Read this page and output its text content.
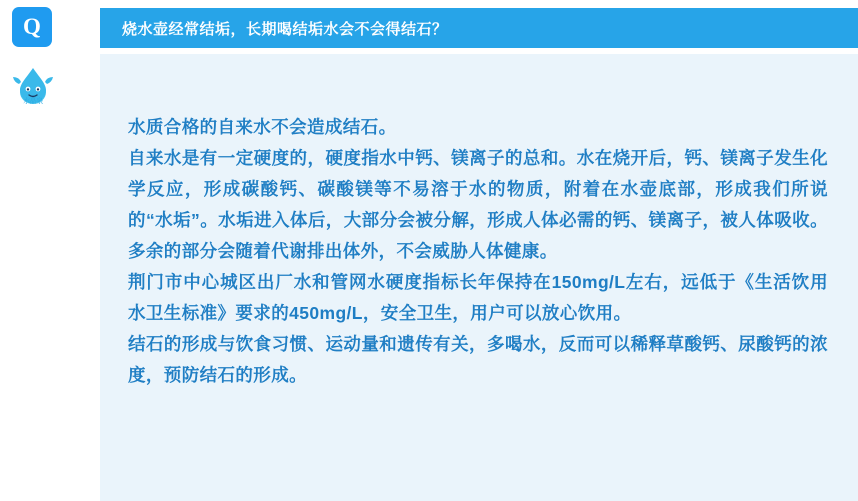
Q
水晶泉
烧水壶经常结垢，长期喝结垢水会不会得结石？

水质合格的自来水不会造成结石。

自来水是有一定硬度的，硬度指水中钙、镁离子的总和。水在烧开后，钙、镁离子发生化学反应，形成碳酸钙、碳酸镁等不易溶于水的物质，附着在水壶底部，形成我们所说的“水垢”。水垢进入体后，大部分会被分解，形成人体必需的钙、镁离子，被人体吸收。多余的部分会随着代谢排出体外，不会威胁人体健康。

荆门市中心城区出厂水和管网水硬度指标长年保持在150mg/L左右，远低于《生活饮用水卫生标准》要求的450mg/L，安全卫生，用户可以放心饮用。

结石的形成与饮食习惯、运动量和遗传有关，多喝水，反而可以稀释草酸钙、尿酸钙的浓度，预防结石的形成。
